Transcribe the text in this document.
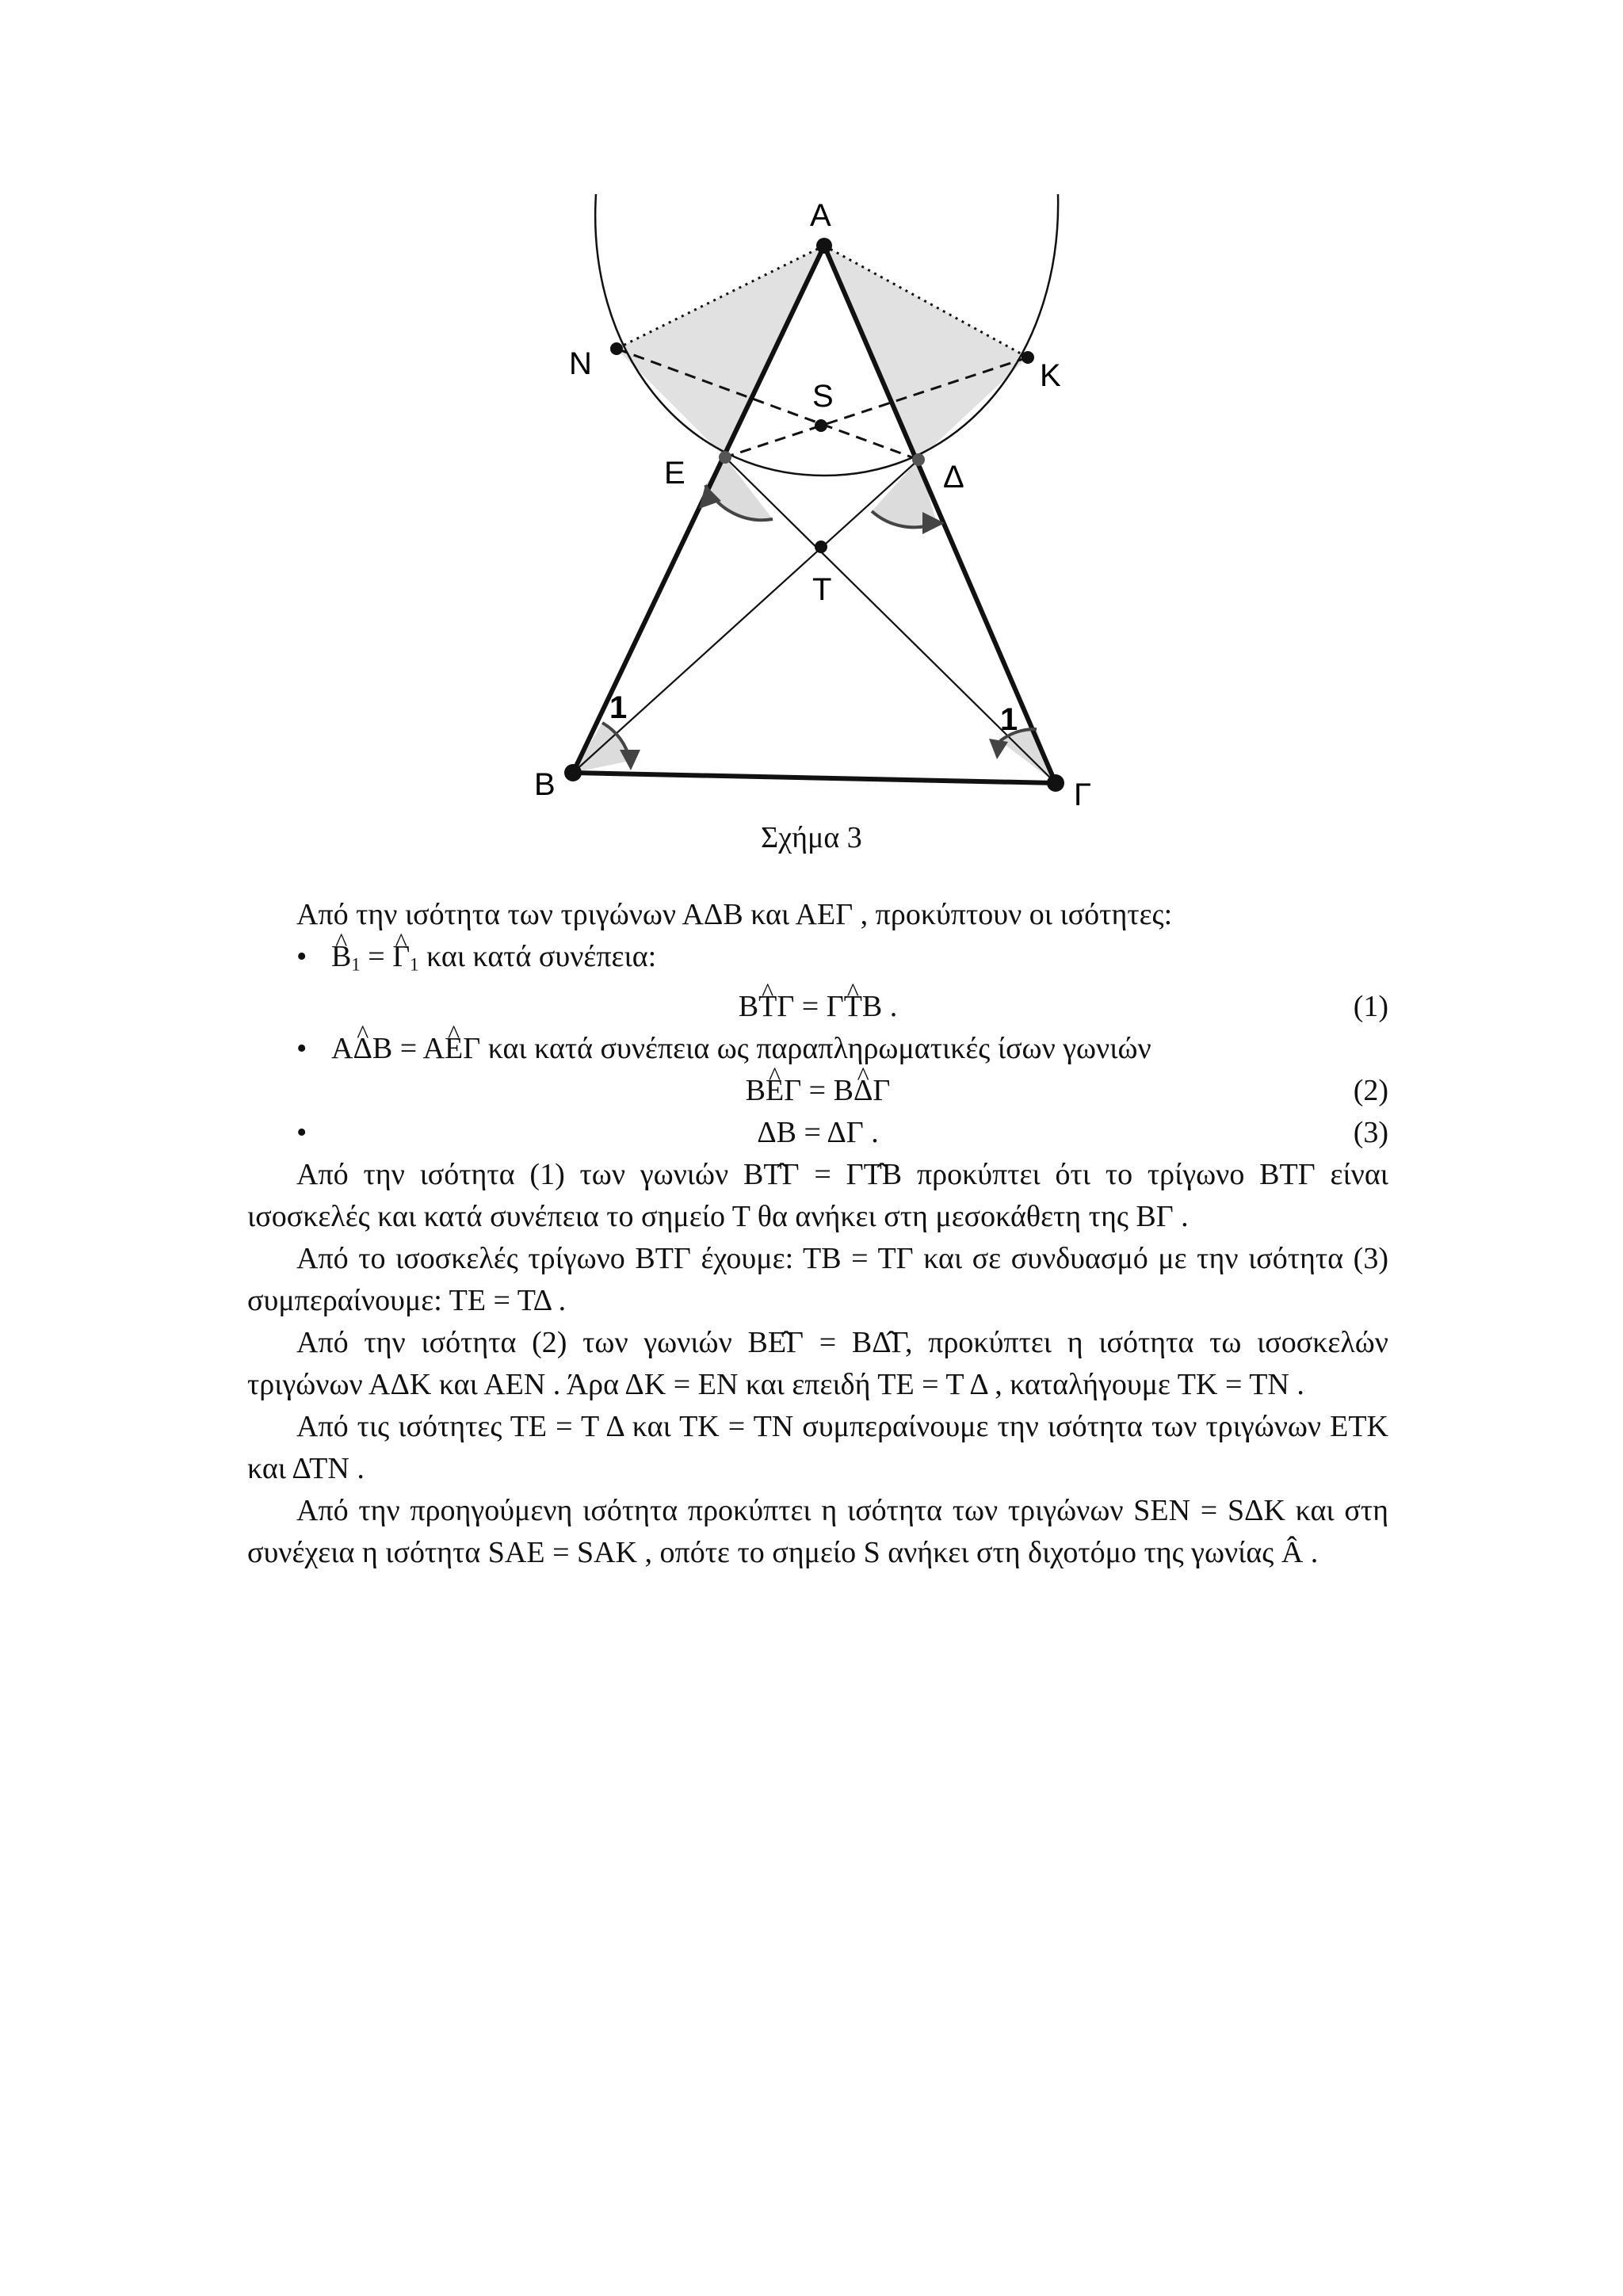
A
N	K
S
E	Δ
T
B	Γ
1	1
Σχήμα 3

Από την ισότητα των τριγώνων ΑΔΒ και ΑΕΓ , προκύπτουν οι ισότητες:

• ^ $B_1$ = ^ $\Gamma_1$ και κατά συνέπεια:

Β^ ΤΓ = Γ^ ΤΒ .	(1)

• Α^ ΔΒ = Α^ ΕΓ και κατά συνέπεια ως παραπληρωματικές ίσων γωνιών

Β^ ΕΓ = Β^ ΔΓ	(2)

• ΔΒ = ΔΓ .	(3)

Από την ισότητα (1) των γωνιών ΒΤ̂Γ = ΓΤ̂Β προκύπτει ότι το τρίγωνο ΒΤΓ είναι ισοσκελές και κατά συνέπεια το σημείο Τ θα ανήκει στη μεσοκάθετη της ΒΓ .

Από το ισοσκελές τρίγωνο ΒΤΓ έχουμε: ΤΒ = ΤΓ και σε συνδυασμό με την ισότητα (3) συμπεραίνουμε: ΤΕ = ΤΔ .

Από την ισότητα (2) των γωνιών ΒΕ̂Γ = ΒΔ̂Γ, προκύπτει η ισότητα τω ισοσκελών τριγώνων ΑΔΚ και ΑΕΝ . Άρα ΔΚ = ΕΝ και επειδή ΤΕ = Τ Δ , καταλήγουμε ΤΚ = ΤΝ .

Από τις ισότητες ΤΕ = Τ Δ και ΤΚ = ΤΝ συμπεραίνουμε την ισότητα των τριγώνων ΕΤΚ και ΔΤΝ .

Από την προηγούμενη ισότητα προκύπτει η ισότητα των τριγώνων SEN = SΔK και στη συνέχεια η ισότητα SAE = SAK , οπότε το σημείο S ανήκει στη διχοτόμο της γωνίας Â .
